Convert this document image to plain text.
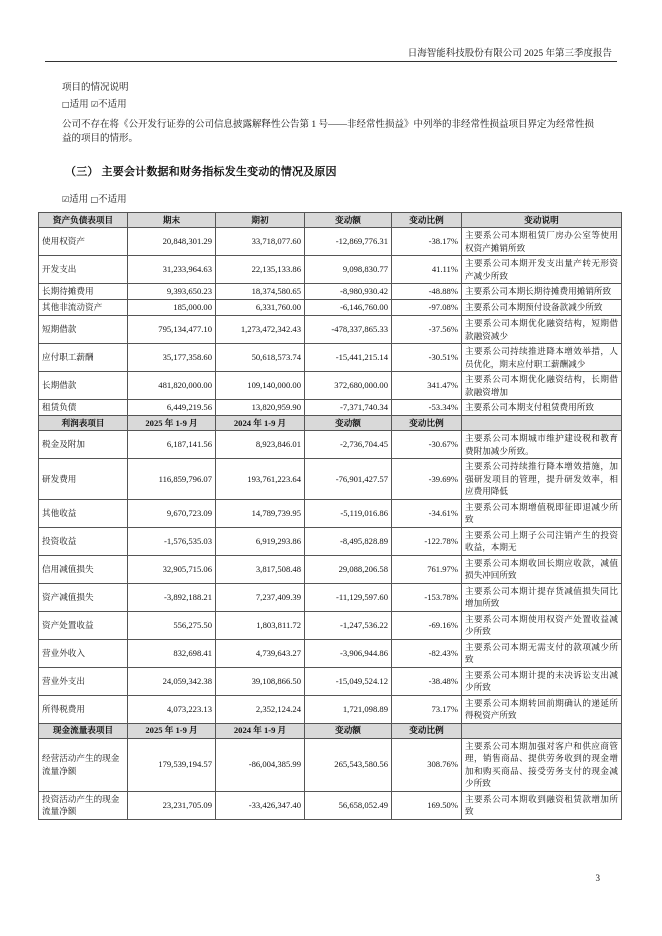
日海智能科技股份有限公司 2025 年第三季度报告
项目的情况说明
□适用 ☑不适用
公司不存在将《公开发行证券的公司信息披露解释性公告第 1 号——非经常性损益》中列举的非经常性损益项目界定为经常性损益的项目的情形。
（三） 主要会计数据和财务指标发生变动的情况及原因
☑适用 □不适用
资产负债表项目	期末	期初	变动额	变动比例	变动说明
使用权资产	20,848,301.29	33,718,077.60	-12,869,776.31	-38.17%	主要系公司本期租赁厂房办公室等使用权资产摊销所致
开发支出	31,233,964.63	22,135,133.86	9,098,830.77	41.11%	主要系公司本期开发支出量产转无形资产减少所致
长期待摊费用	9,393,650.23	18,374,580.65	-8,980,930.42	-48.88%	主要系公司本期长期待摊费用摊销所致
其他非流动资产	185,000.00	6,331,760.00	-6,146,760.00	-97.08%	主要系公司本期预付设备款减少所致
短期借款	795,134,477.10	1,273,472,342.43	-478,337,865.33	-37.56%	主要系公司本期优化融资结构，短期借款融资减少
应付职工薪酬	35,177,358.60	50,618,573.74	-15,441,215.14	-30.51%	主要系公司持续推进降本增效举措，人员优化，期末应付职工薪酬减少
长期借款	481,820,000.00	109,140,000.00	372,680,000.00	341.47%	主要系公司本期优化融资结构，长期借款融资增加
租赁负债	6,449,219.56	13,820,959.90	-7,371,740.34	-53.34%	主要系公司本期支付租赁费用所致
利润表项目	2025 年 1-9 月	2024 年 1-9 月	变动额	变动比例	
税金及附加	6,187,141.56	8,923,846.01	-2,736,704.45	-30.67%	主要系公司本期城市维护建设税和教育费附加减少所致。
研发费用	116,859,796.07	193,761,223.64	-76,901,427.57	-39.69%	主要系公司持续推行降本增效措施，加强研发项目的管理，提升研发效率，相应费用降低
其他收益	9,670,723.09	14,789,739.95	-5,119,016.86	-34.61%	主要系公司本期增值税即征即退减少所致
投资收益	-1,576,535.03	6,919,293.86	-8,495,828.89	-122.78%	主要系公司上期子公司注销产生的投资收益，本期无
信用减值损失	32,905,715.06	3,817,508.48	29,088,206.58	761.97%	主要系公司本期收回长期应收款，减值损失冲回所致
资产减值损失	-3,892,188.21	7,237,409.39	-11,129,597.60	-153.78%	主要系公司本期计提存货减值损失同比增加所致
资产处置收益	556,275.50	1,803,811.72	-1,247,536.22	-69.16%	主要系公司本期使用权资产处置收益减少所致
营业外收入	832,698.41	4,739,643.27	-3,906,944.86	-82.43%	主要系公司本期无需支付的款项减少所致
营业外支出	24,059,342.38	39,108,866.50	-15,049,524.12	-38.48%	主要系公司本期计提的未决诉讼支出减少所致
所得税费用	4,073,223.13	2,352,124.24	1,721,098.89	73.17%	主要系公司本期转回前期确认的递延所得税资产所致
现金流量表项目	2025 年 1-9 月	2024 年 1-9 月	变动额	变动比例	
经营活动产生的现金流量净额	179,539,194.57	-86,004,385.99	265,543,580.56	308.76%	主要系公司本期加强对客户和供应商管理，销售商品、提供劳务收到的现金增加和购买商品、接受劳务支付的现金减少所致
投资活动产生的现金流量净额	23,231,705.09	-33,426,347.40	56,658,052.49	169.50%	主要系公司本期收到融资租赁款增加所致
3
